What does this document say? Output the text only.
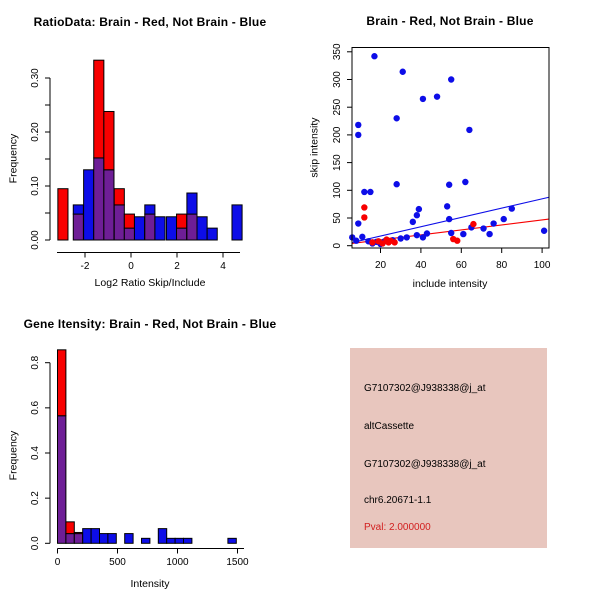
RatioData: Brain - Red, Not Brain - Blue
Frequency
Log2 Ratio Skip/Include
0.00
0.10
0.20
0.30
-2	0	2	4
Brain - Red, Not Brain - Blue
skip intensity
include intensity
20	40	60	80	100
0
50
100
150
200
250
300
350
Gene Itensity: Brain - Red, Not Brain - Blue
Frequency
Intensity
0.0
0.2
0.4
0.6
0.8
0	500	1000	1500
G7107302@J938338@j_at
altCassette
G7107302@J938338@j_at
chr6.20671-1.1
Pval: 2.000000
